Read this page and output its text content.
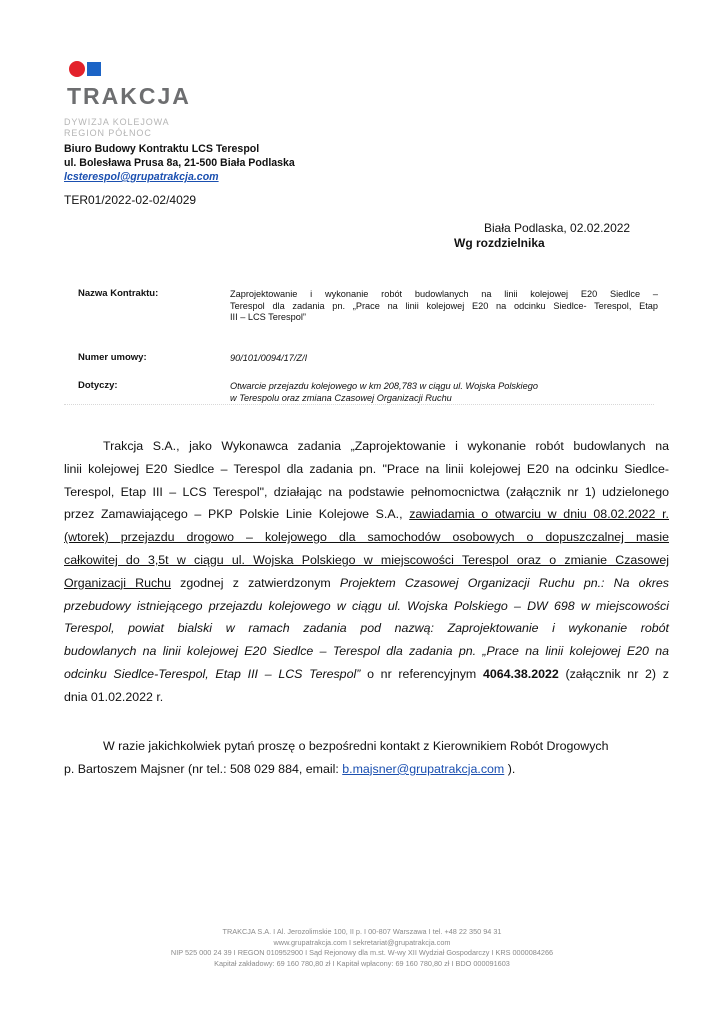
TRAKCJA
DYWIZJA KOLEJOWA
REGION PÓŁNOC
Biuro Budowy Kontraktu LCS Terespol
ul. Bolesława Prusa 8a, 21-500 Biała Podlaska
lcsterespol@grupatrakcja.com
TER01/2022-02-02/4029
Biała Podlaska, 02.02.2022
Wg rozdzielnika
Nazwa Kontraktu:	Zaprojektowanie i wykonanie robót budowlanych na linii kolejowej E20 Siedlce –
Terespol dla zadania pn. „Prace na linii kolejowej E20 na odcinku Siedlce- Terespol, Etap
III – LCS Terespol”
Numer umowy:	90/101/0094/17/Z/I
Dotyczy:	Otwarcie przejazdu kolejowego w km 208,783 w ciągu ul. Wojska Polskiego
w Terespolu oraz zmiana Czasowej Organizacji Ruchu
Trakcja S.A., jako Wykonawca zadania „Zaprojektowanie i wykonanie robót budowlanych na
linii kolejowej E20 Siedlce – Terespol dla zadania pn. "Prace na linii kolejowej E20 na odcinku Siedlce-
Terespol, Etap III – LCS Terespol", działając na podstawie pełnomocnictwa (załącznik nr 1) udzielonego
przez Zamawiającego – PKP Polskie Linie Kolejowe S.A., zawiadamia o otwarciu w dniu 08.02.2022 r.
(wtorek) przejazdu drogowo – kolejowego dla samochodów osobowych o dopuszczalnej masie
całkowitej do 3,5t w ciągu ul. Wojska Polskiego w miejscowości Terespol oraz o zmianie Czasowej
Organizacji Ruchu zgodnej z zatwierdzonym Projektem Czasowej Organizacji Ruchu pn.: Na okres
przebudowy istniejącego przejazdu kolejowego w ciągu ul. Wojska Polskiego – DW 698 w miejscowości
Terespol, powiat bialski w ramach zadania pod nazwą: Zaprojektowanie i wykonanie robót
budowlanych na linii kolejowej E20 Siedlce – Terespol dla zadania pn. „Prace na linii kolejowej E20 na
odcinku Siedlce-Terespol, Etap III – LCS Terespol” o nr referencyjnym 4064.38.2022 (załącznik nr 2) z
dnia 01.02.2022 r.
W razie jakichkolwiek pytań proszę o bezpośredni kontakt z Kierownikiem Robót Drogowych
p. Bartoszem Majsner (nr tel.: 508 029 884, email: b.majsner@grupatrakcja.com ).
TRAKCJA S.A. I Al. Jerozolimskie 100, II p. I 00-807 Warszawa I tel. +48 22 350 94 31
www.grupatrakcja.com I sekretariat@grupatrakcja.com
NIP 525 000 24 39 I REGON 010952900 I Sąd Rejonowy dla m.st. W-wy XII Wydział Gospodarczy I KRS 0000084266
Kapitał zakładowy: 69 160 780,80 zł I Kapitał wpłacony: 69 160 780,80 zł I BDO 000091603
